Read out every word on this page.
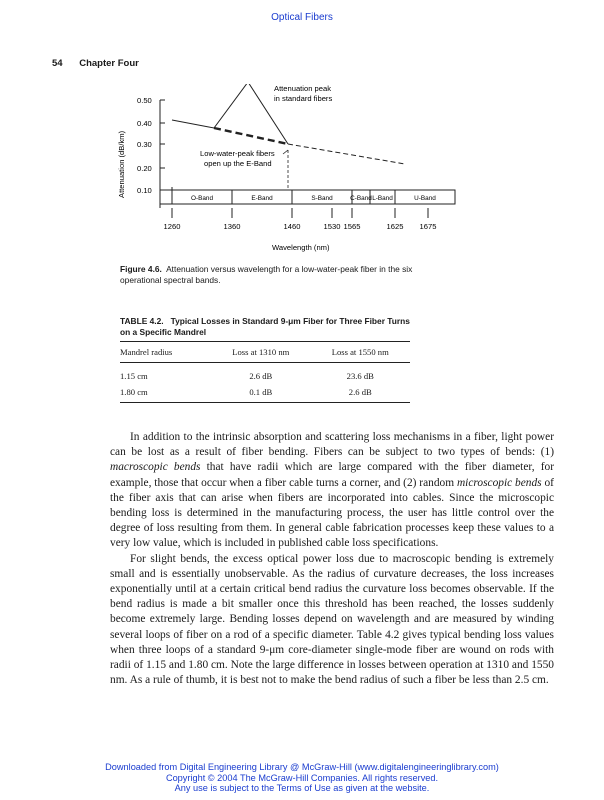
Optical Fibers
54 Chapter Four
0.50
0.40
0.30
0.20
0.10
O-Band	E-Band	S-Band	C-Band L-Band	U-Band
1260	1360	1460	1530 1565	1625 1675
Attenuation peak
in standard fibers
Low-water-peak fibers
open up the E-Band
Attenuation (dB/km)
Wavelength (nm)
Figure 4.6. Attenuation versus wavelength for a low-water-peak fiber in the six operational spectral bands.
TABLE 4.2. Typical Losses in Standard 9-μm Fiber for Three Fiber Turns on a Specific Mandrel
Mandrel radius	Loss at 1310 nm	Loss at 1550 nm
1.15 cm	2.6 dB	23.6 dB
1.80 cm	0.1 dB	2.6 dB

In addition to the intrinsic absorption and scattering loss mechanisms in a fiber, light power can be lost as a result of fiber bending. Fibers can be subject to two types of bends: (1) macroscopic bends that have radii which are large compared with the fiber diameter, for example, those that occur when a fiber cable turns a corner, and (2) random microscopic bends of the fiber axis that can arise when fibers are incorporated into cables. Since the microscopic bending loss is determined in the manufacturing process, the user has little control over the degree of loss resulting from them. In general cable fabrication processes keep these values to a very low value, which is included in published cable loss specifications.

For slight bends, the excess optical power loss due to macroscopic bending is extremely small and is essentially unobservable. As the radius of curvature decreases, the loss increases exponentially until at a certain critical bend radius the curvature loss becomes observable. If the bend radius is made a bit smaller once this threshold has been reached, the losses suddenly become extremely large. Bending losses depend on wavelength and are measured by winding several loops of fiber on a rod of a specific diameter. Table 4.2 gives typical bending loss values when three loops of a standard 9-μm core-diameter single-mode fiber are wound on rods with radii of 1.15 and 1.80 cm. Note the large difference in losses between operation at 1310 and 1550 nm. As a rule of thumb, it is best not to make the bend radius of such a fiber be less than 2.5 cm.

Downloaded from Digital Engineering Library @ McGraw-Hill (www.digitalengineeringlibrary.com)
Copyright © 2004 The McGraw-Hill Companies. All rights reserved.
Any use is subject to the Terms of Use as given at the website.
